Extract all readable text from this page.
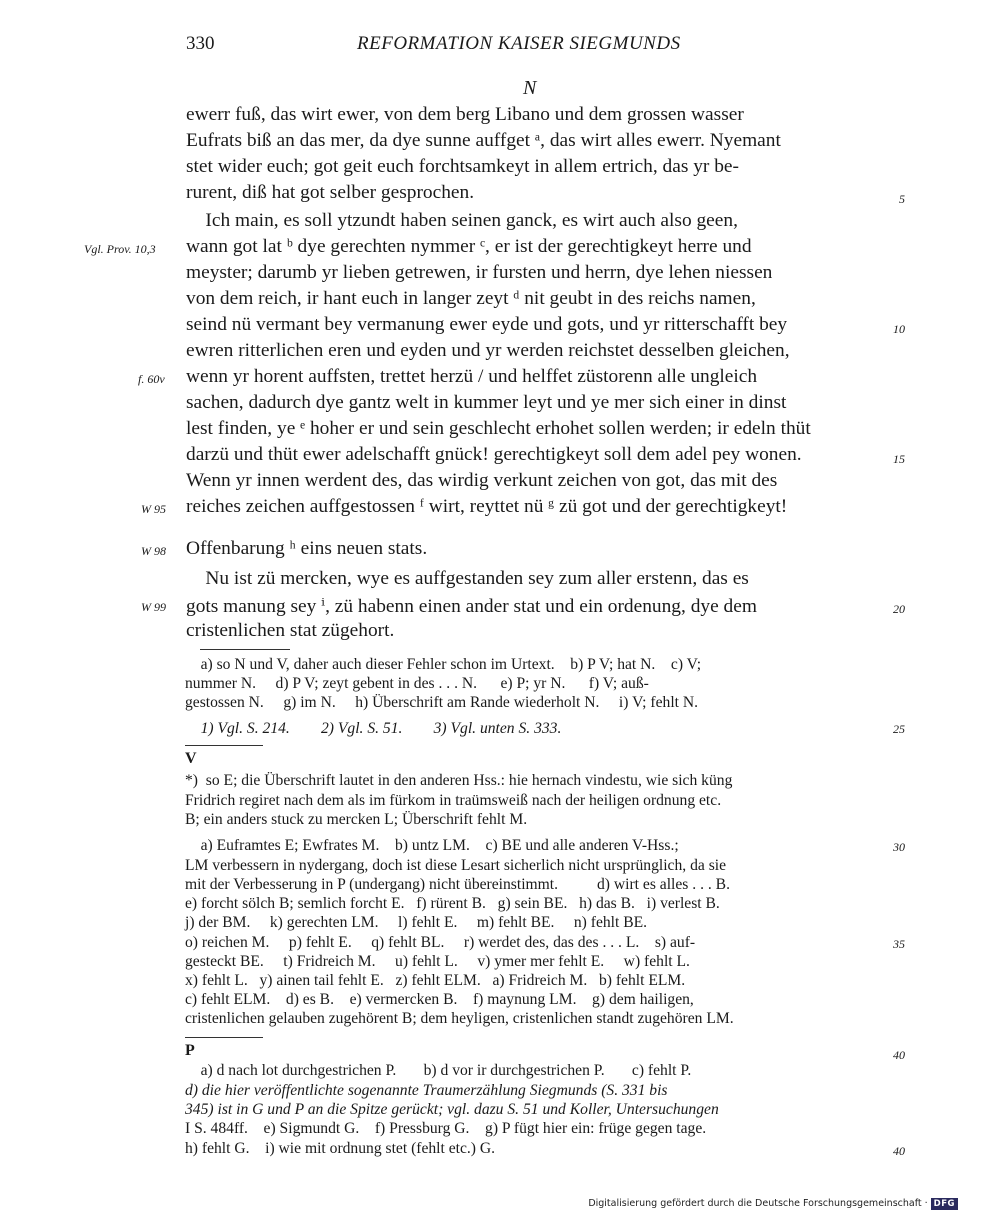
330	REFORMATION KAISER SIEGMUNDS
N
ewerr fuß, das wirt ewer, von dem berg Libano und dem grossen wasser
Eufrats biß an das mer, da dye sunne auffget ᵃ, das wirt alles ewerr. Nyemant
stet wider euch; got geit euch forchtsamkeyt in allem ertrich, das yr be-
rurent, diß hat got selber gesprochen.
Ich main, es soll ytzundt haben seinen ganck, es wirt auch also geen,
wann got lat ᵇ dye gerechten nymmer ᶜ, er ist der gerechtigkeyt herre und
meyster; darumb yr lieben getrewen, ir fursten und herrn, dye lehen niessen
von dem reich, ir hant euch in langer zeyt ᵈ nit geubt in des reichs namen,
seind nü vermant bey vermanung ewer eyde und gots, und yr ritterschafft bey
ewren ritterlichen eren und eyden und yr werden reichstet desselben gleichen,
wenn yr horent auffsten, trettet herzü / und helffet züstorenn alle ungleich
sachen, dadurch dye gantz welt in kummer leyt und ye mer sich einer in dinst
lest finden, ye ᵉ hoher er und sein geschlecht erhohet sollen werden; ir edeln thüt
darzü und thüt ewer adelschafft gnück! gerechtigkeyt soll dem adel pey wonen.
Wenn yr innen werdent des, das wirdig verkunt zeichen von got, das mit des
reiches zeichen auffgestossen ᶠ wirt, reyttet nü ᵍ zü got und der gerechtigkeyt!
Offenbarung ʰ eins neuen stats.
Nu ist zü mercken, wye es auffgestanden sey zum aller erstenn, das es
gots manung sey ⁱ, zü habenn einen ander stat und ein ordenung, dye dem
cristenlichen stat zügehort.
Vgl. Prov. 10,3
f. 60v
W 95
W 98
W 99
5
10
15
20
25
30
35
40
40
a) so N und V, daher auch dieser Fehler schon im Urtext.    b) P V; hat N.    c) V;
nummer N.     d) P V; zeyt gebent in des . . . N.      e) P; yr N.      f) V; auß-
gestossen N.     g) im N.     h) Überschrift am Rande wiederholt N.     i) V; fehlt N.
1) Vgl. S. 214.        2) Vgl. S. 51.        3) Vgl. unten S. 333.
V
*)  so E; die Überschrift lautet in den anderen Hss.: hie hernach vindestu, wie sich küng
Fridrich regiret nach dem als im fürkom in traümsweiß nach der heiligen ordnung etc.
B; ein anders stuck zu mercken L; Überschrift fehlt M.
a) Euframtes E; Ewfrates M.    b) untz LM.    c) BE und alle anderen V-Hss.;
LM verbessern in nydergang, doch ist diese Lesart sicherlich nicht ursprünglich, da sie
mit der Verbesserung in P (undergang) nicht übereinstimmt.          d) wirt es alles . . . B.
e) forcht sölch B; semlich forcht E.   f) rürent B.   g) sein BE.   h) das B.   i) verlest B.
j) der BM.     k) gerechten LM.     l) fehlt E.     m) fehlt BE.     n) fehlt BE.
o) reichen M.     p) fehlt E.     q) fehlt BL.     r) werdet des, das des . . . L.    s) auf-
gesteckt BE.     t) Fridreich M.     u) fehlt L.     v) ymer mer fehlt E.     w) fehlt L.
x) fehlt L.   y) ainen tail fehlt E.   z) fehlt ELM.   a) Fridreich M.   b) fehlt ELM.
c) fehlt ELM.    d) es B.    e) vermercken B.    f) maynung LM.    g) dem hailigen,
cristenlichen gelauben zugehörent B; dem heyligen, cristenlichen standt zugehören LM.
P
a) d nach lot durchgestrichen P.       b) d vor ir durchgestrichen P.       c) fehlt P.
d) die hier veröffentlichte sogenannte Traumerzählung Siegmunds (S. 331 bis
345) ist in G und P an die Spitze gerückt; vgl. dazu S. 51 und Koller, Untersuchungen
I S. 484ff.    e) Sigmundt G.    f) Pressburg G.    g) P fügt hier ein: früge gegen tage.
h) fehlt G.    i) wie mit ordnung stet (fehlt etc.) G.
Digitalisierung gefördert durch die Deutsche Forschungsgemeinschaft · DFG
